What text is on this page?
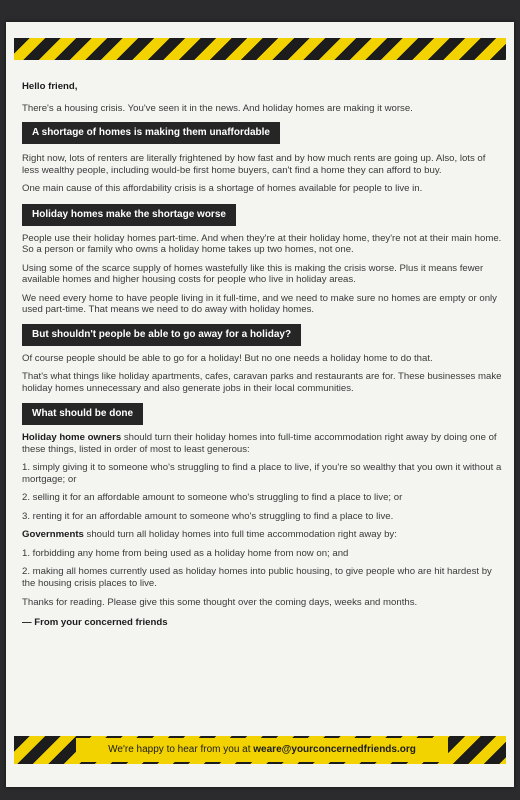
Hello friend,

There's a housing crisis. You've seen it in the news. And holiday homes are making it worse.

A shortage of homes is making them unaffordable

Right now, lots of renters are literally frightened by how fast and by how much rents are going up. Also, lots of less wealthy people, including would-be first home buyers, can't find a home they can afford to buy.

One main cause of this affordability crisis is a shortage of homes available for people to live in.

Holiday homes make the shortage worse

People use their holiday homes part-time. And when they're at their holiday home, they're not at their main home. So a person or family who owns a holiday home takes up two homes, not one.

Using some of the scarce supply of homes wastefully like this is making the crisis worse. Plus it means fewer available homes and higher housing costs for people who live in holiday areas.

We need every home to have people living in it full-time, and we need to make sure no homes are empty or only used part-time. That means we need to do away with holiday homes.

But shouldn't people be able to go away for a holiday?

Of course people should be able to go for a holiday! But no one needs a holiday home to do that.

That's what things like holiday apartments, cafes, caravan parks and restaurants are for. These businesses make holiday homes unnecessary and also generate jobs in their local communities.

What should be done

Holiday home owners should turn their holiday homes into full-time accommodation right away by doing one of these things, listed in order of most to least generous:

1. simply giving it to someone who's struggling to find a place to live, if you're so wealthy that you own it without a mortgage; or

2. selling it for an affordable amount to someone who's struggling to find a place to live; or

3. renting it for an affordable amount to someone who's struggling to find a place to live.

Governments should turn all holiday homes into full time accommodation right away by:

1. forbidding any home from being used as a holiday home from now on; and

2. making all homes currently used as holiday homes into public housing, to give people who are hit hardest by the housing crisis places to live.

Thanks for reading. Please give this some thought over the coming days, weeks and months.

— From your concerned friends

We're happy to hear from you at weare@yourconcernedfriends.org
